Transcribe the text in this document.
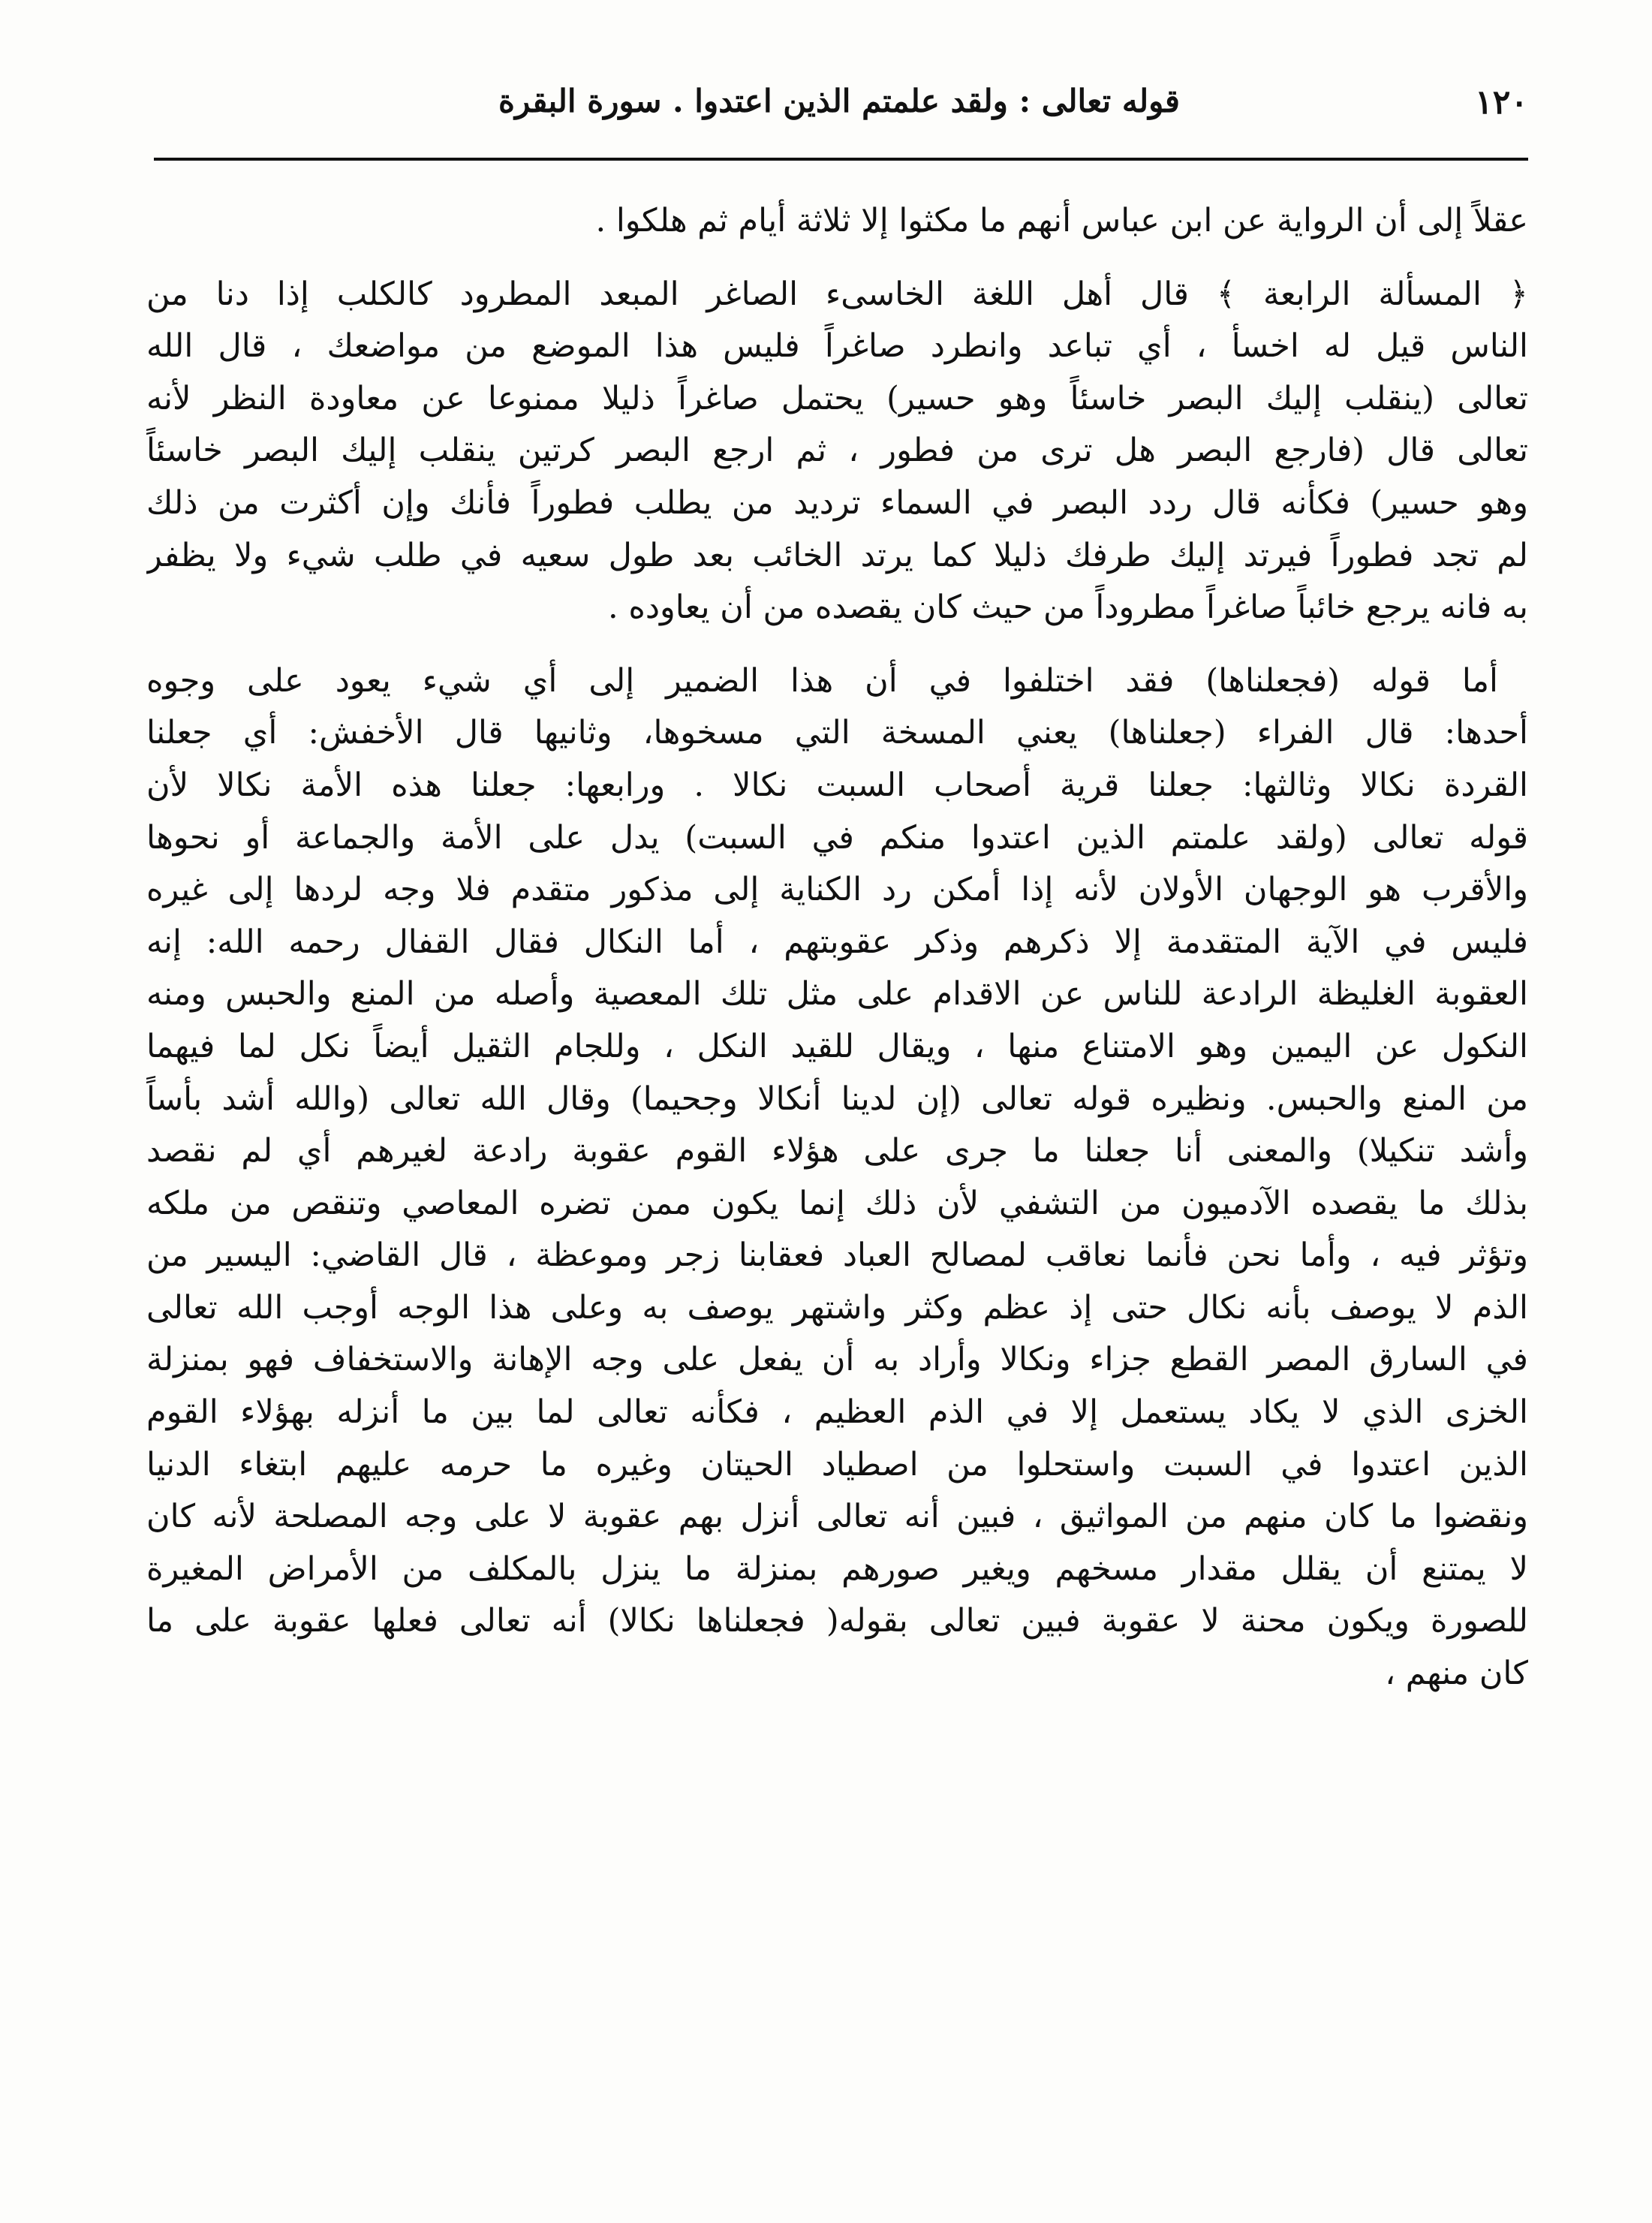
١٢٠
قوله تعالى : ولقد علمتم الذين اعتدوا . سورة البقرة
عقلاً إلى أن الرواية عن ابن عباس أنهم ما مكثوا إلا ثلاثة أيام ثم هلكوا .
﴿ المسألة الرابعة ﴾ قال أهل اللغة الخاسىء الصاغر المبعد المطرود كالكلب إذا دنا من
الناس قيل له اخسأ ، أي تباعد وانطرد صاغراً فليس هذا الموضع من مواضعك ، قال الله
تعالى (ينقلب إليك البصر خاسئاً وهو حسير) يحتمل صاغراً ذليلا ممنوعا عن معاودة النظر لأنه
تعالى قال (فارجع البصر هل ترى من فطور ، ثم ارجع البصر كرتين ينقلب إليك البصر خاسئاً
وهو حسير) فكأنه قال ردد البصر في السماء ترديد من يطلب فطوراً فأنك وإن أكثرت من ذلك
لم تجد فطوراً فيرتد إليك طرفك ذليلا كما يرتد الخائب بعد طول سعيه في طلب شيء ولا يظفر
به فانه يرجع خائباً صاغراً مطروداً من حيث كان يقصده من أن يعاوده .
أما قوله (فجعلناها) فقد اختلفوا في أن هذا الضمير إلى أي شيء يعود على وجوه
أحدها: قال الفراء (جعلناها) يعني المسخة التي مسخوها، وثانيها قال الأخفش: أي جعلنا
القردة نكالا وثالثها: جعلنا قرية أصحاب السبت نكالا . ورابعها: جعلنا هذه الأمة نكالا لأن
قوله تعالى (ولقد علمتم الذين اعتدوا منكم في السبت) يدل على الأمة والجماعة أو نحوها
والأقرب هو الوجهان الأولان لأنه إذا أمكن رد الكناية إلى مذكور متقدم فلا وجه لردها إلى غيره
فليس في الآية المتقدمة إلا ذكرهم وذكر عقوبتهم ، أما النكال فقال القفال رحمه الله: إنه
العقوبة الغليظة الرادعة للناس عن الاقدام على مثل تلك المعصية وأصله من المنع والحبس ومنه
النكول عن اليمين وهو الامتناع منها ، ويقال للقيد النكل ، وللجام الثقيل أيضاً نكل لما فيهما
من المنع والحبس. ونظيره قوله تعالى (إن لدينا أنكالا وجحيما) وقال الله تعالى (والله أشد بأساً
وأشد تنكيلا) والمعنى أنا جعلنا ما جرى على هؤلاء القوم عقوبة رادعة لغيرهم أي لم نقصد
بذلك ما يقصده الآدميون من التشفي لأن ذلك إنما يكون ممن تضره المعاصي وتنقص من ملكه
وتؤثر فيه ، وأما نحن فأنما نعاقب لمصالح العباد فعقابنا زجر وموعظة ، قال القاضي: اليسير من
الذم لا يوصف بأنه نكال حتى إذ عظم وكثر واشتهر يوصف به وعلى هذا الوجه أوجب الله تعالى
في السارق المصر القطع جزاء ونكالا وأراد به أن يفعل على وجه الإهانة والاستخفاف فهو بمنزلة
الخزى الذي لا يكاد يستعمل إلا في الذم العظيم ، فكأنه تعالى لما بين ما أنزله بهؤلاء القوم
الذين اعتدوا في السبت واستحلوا من اصطياد الحيتان وغيره ما حرمه عليهم ابتغاء الدنيا
ونقضوا ما كان منهم من المواثيق ، فبين أنه تعالى أنزل بهم عقوبة لا على وجه المصلحة لأنه كان
لا يمتنع أن يقلل مقدار مسخهم ويغير صورهم بمنزلة ما ينزل بالمكلف من الأمراض المغيرة
للصورة ويكون محنة لا عقوبة فبين تعالى بقوله( فجعلناها نكالا) أنه تعالى فعلها عقوبة على ما
كان منهم ،
